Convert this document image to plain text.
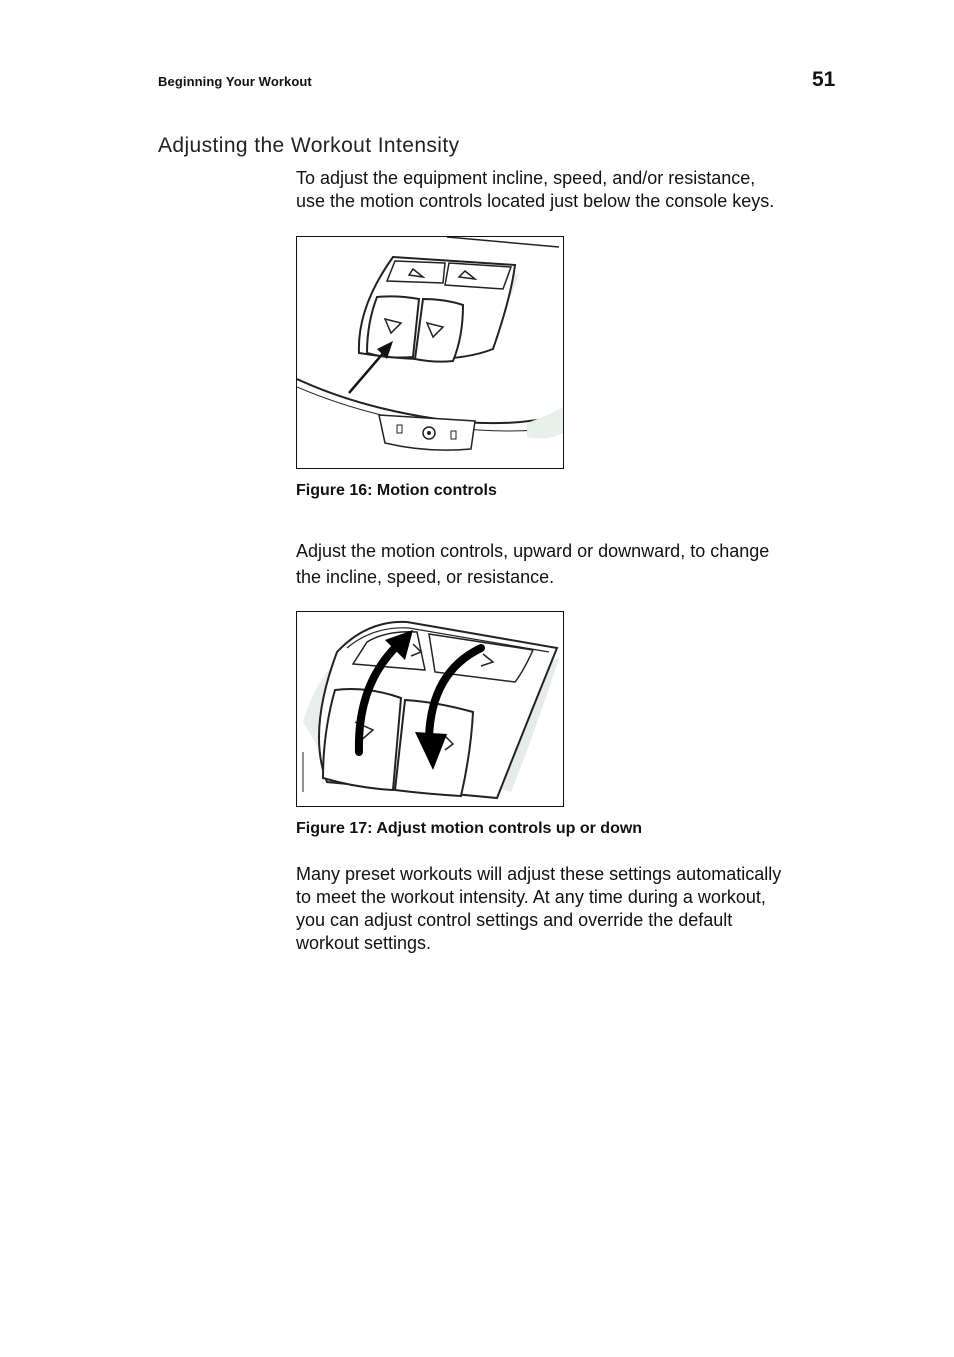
Beginning Your Workout	51
Adjusting the Workout Intensity
To adjust the equipment incline, speed, and/or resistance,
use the motion controls located just below the console keys.
Figure 16: Motion controls
Adjust the motion controls, upward or downward, to change
the incline, speed, or resistance.
Figure 17: Adjust motion controls up or down
Many preset workouts will adjust these settings automatically
to meet the workout intensity. At any time during a workout,
you can adjust control settings and override the default
workout settings.
